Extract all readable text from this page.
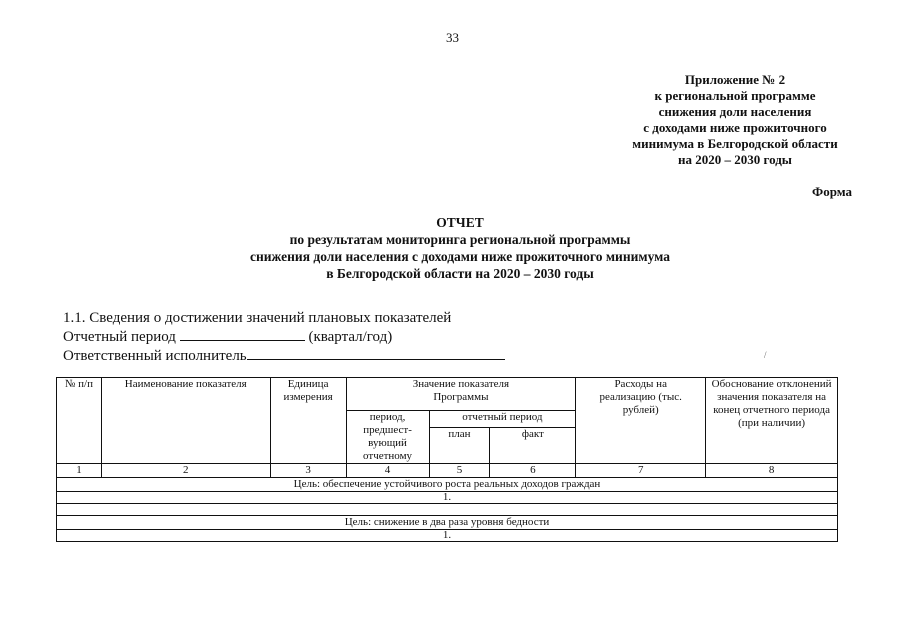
33
Приложение № 2
к региональной программе
снижения доли населения
с доходами ниже прожиточного
минимума в Белгородской области
на 2020 – 2030 годы
Форма
ОТЧЕТ
по результатам мониторинга региональной программы
снижения доли населения с доходами ниже прожиточного минимума
в Белгородской области на 2020 – 2030 годы
1.1. Сведения о достижении значений плановых показателей
Отчетный период	(квартал/год)
Ответственный исполнитель	/
№ п/п	Наименование показателя	Единица измерения	Значение показателя Программы			Расходы на реализацию (тыс. рублей)	Обоснование отклонений значения показателя на конец отчетного периода (при наличии)
			период, предшест-вующий отчетному	отчетный период			
				план	факт		
1	2	3	4	5	6	7	8
Цель: обеспечение устойчивого роста реальных доходов граждан							
1.							

Цель: снижение в два раза уровня бедности							
1.							
